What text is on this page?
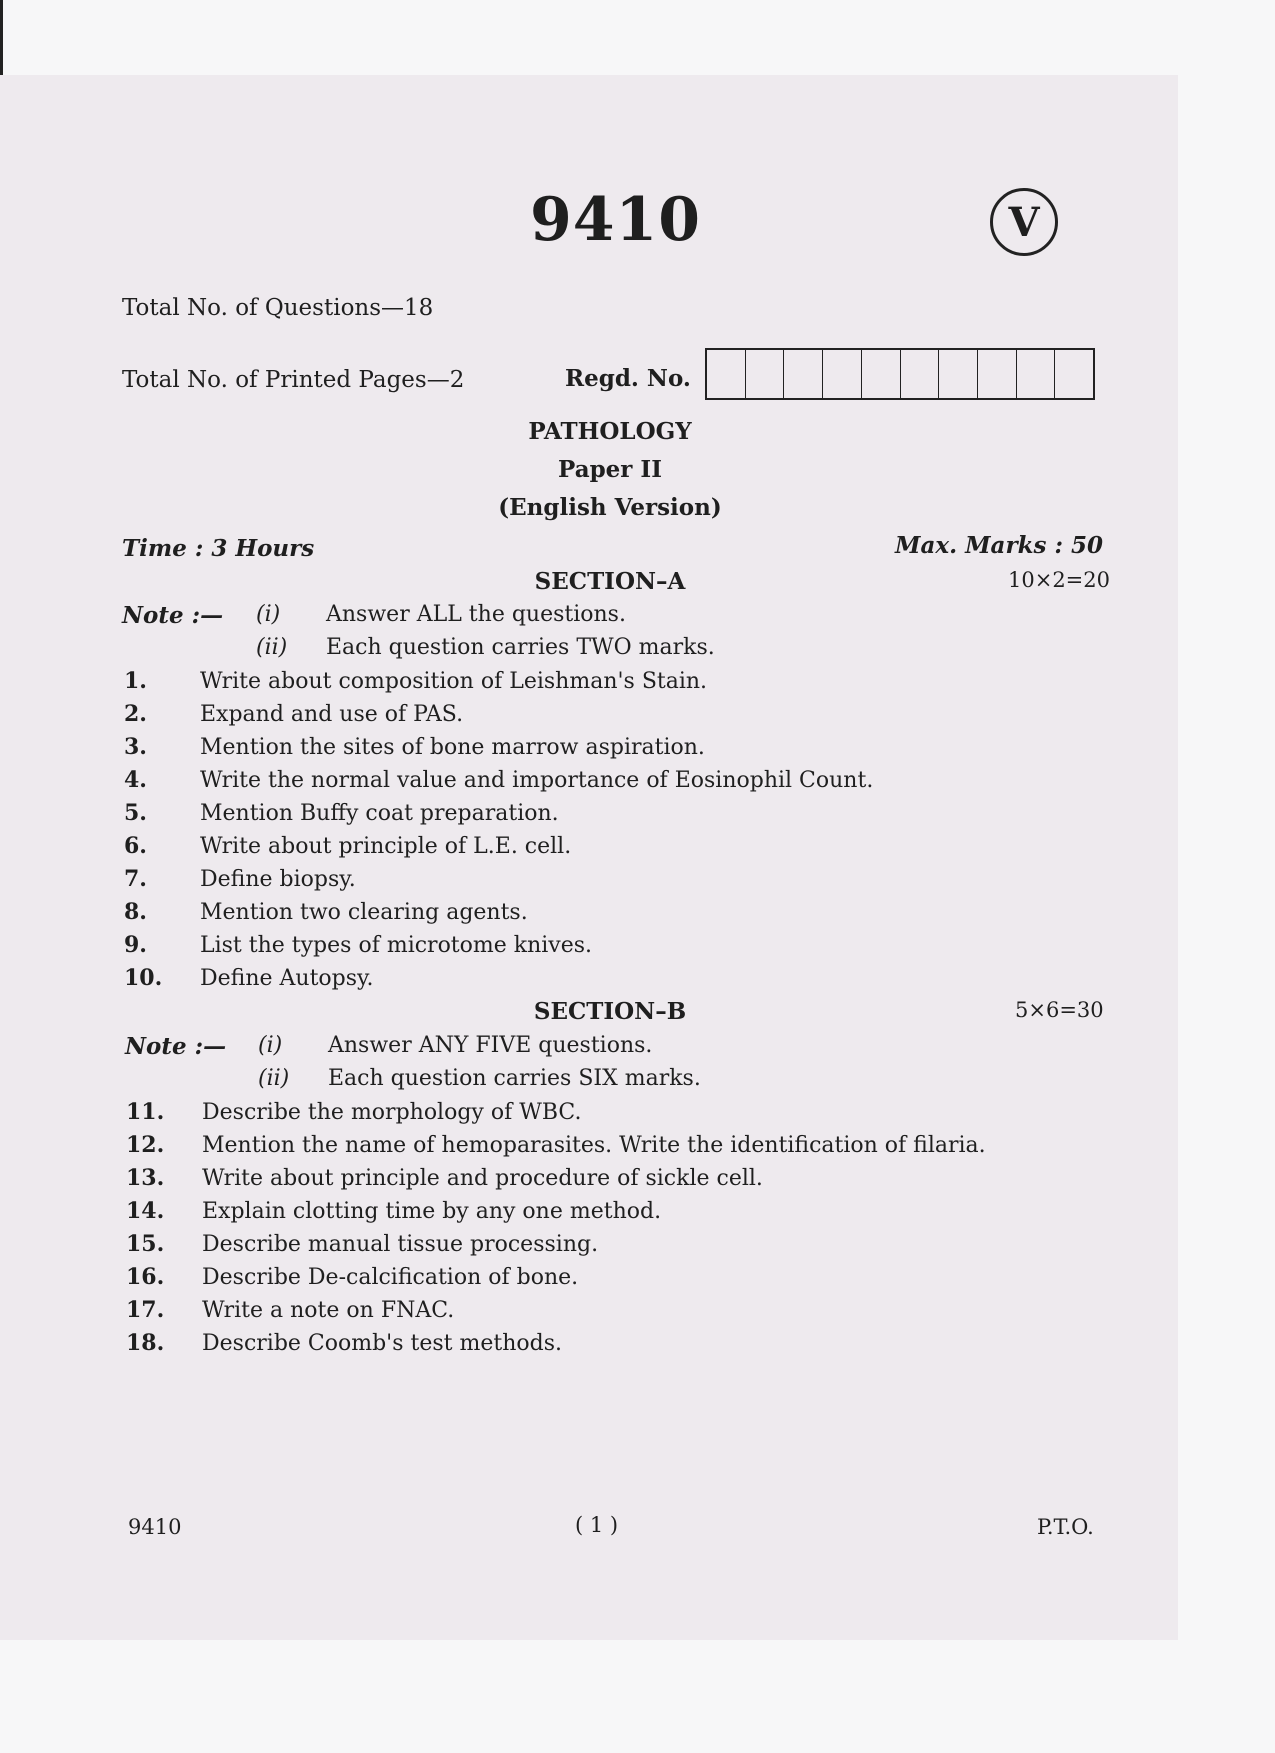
9410	V
Total No. of Questions—18
Total No. of Printed Pages—2	Regd. No.
PATHOLOGY
Paper II
(English Version)
Time : 3 Hours	Max. Marks : 50
SECTION–A	10×2=20
Note :— (i) Answer ALL the questions.
(ii) Each question carries TWO marks.
1. Write about composition of Leishman's Stain.
2. Expand and use of PAS.
3. Mention the sites of bone marrow aspiration.
4. Write the normal value and importance of Eosinophil Count.
5. Mention Buffy coat preparation.
6. Write about principle of L.E. cell.
7. Define biopsy.
8. Mention two clearing agents.
9. List the types of microtome knives.
10. Define Autopsy.
SECTION–B	5×6=30
Note :— (i) Answer ANY FIVE questions.
(ii) Each question carries SIX marks.
11. Describe the morphology of WBC.
12. Mention the name of hemoparasites. Write the identification of filaria.
13. Write about principle and procedure of sickle cell.
14. Explain clotting time by any one method.
15. Describe manual tissue processing.
16. Describe De-calcification of bone.
17. Write a note on FNAC.
18. Describe Coomb's test methods.
9410	( 1 )	P.T.O.
